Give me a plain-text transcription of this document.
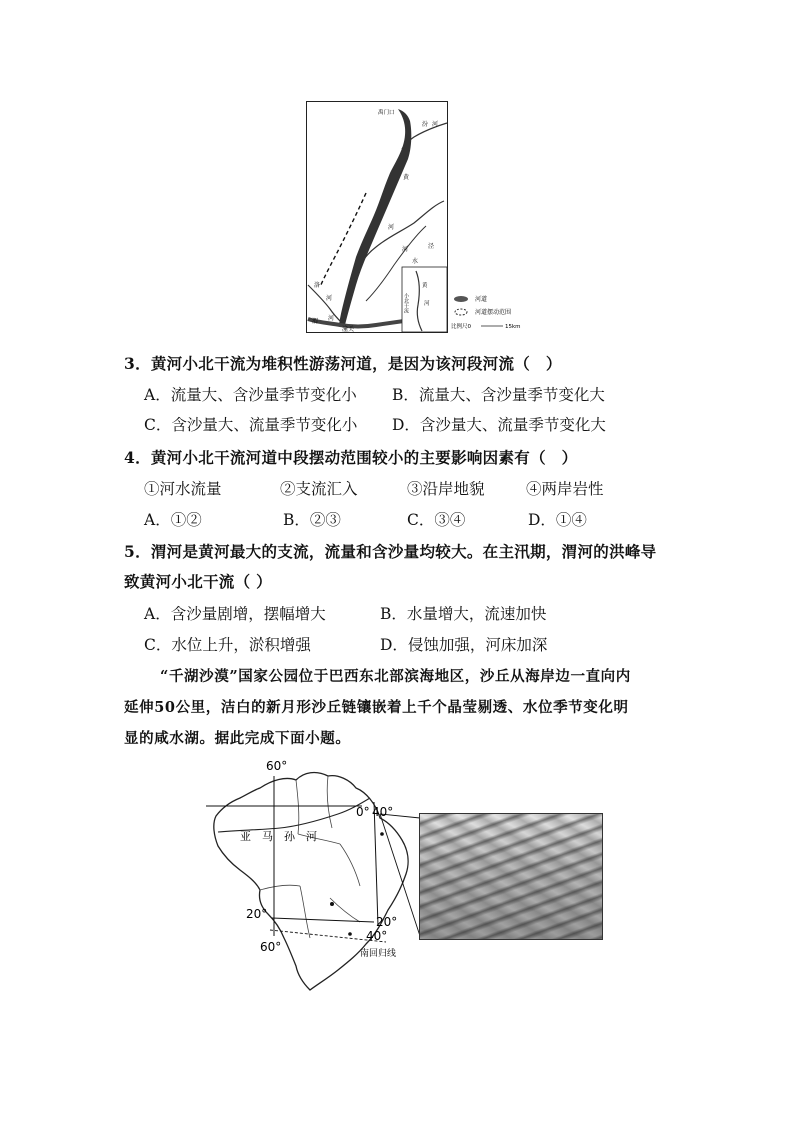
禹门口
汾 河
黄
河
泾
河
水
洛
河
渭 河
潼关
黄
小北干流	河
河道
河道摆动范围
比例尺0	15km
3．黄河小北干流为堆积性游荡河道，是因为该河段河流（　）
A．流量大、含沙量季节变化小 B．流量大、含沙量季节变化大
C．含沙量大、流量季节变化小 D．含沙量大、流量季节变化大
4．黄河小北干流河道中段摆动范围较小的主要影响因素有（　）
①河水流量	②支流汇入	③沿岸地貌	④两岸岩性
A．①②	B．②③	C．③④	D．①④
5．渭河是黄河最大的支流，流量和含沙量均较大。在主汛期，渭河的洪峰导
致黄河小北干流（ ）
A．含沙量剧增，摆幅增大	B．水量增大，流速加快
C．水位上升，淤积增强	D．侵蚀加强，河床加深
“千湖沙漠”国家公园位于巴西东北部滨海地区，沙丘从海岸边一直向内
延伸50公里，洁白的新月形沙丘链镶嵌着上千个晶莹剔透、水位季节变化明
显的咸水湖。据此完成下面小题。
60°
0° 40°
亚　马　孙　河
20°
20°
60°
40°
南回归线
